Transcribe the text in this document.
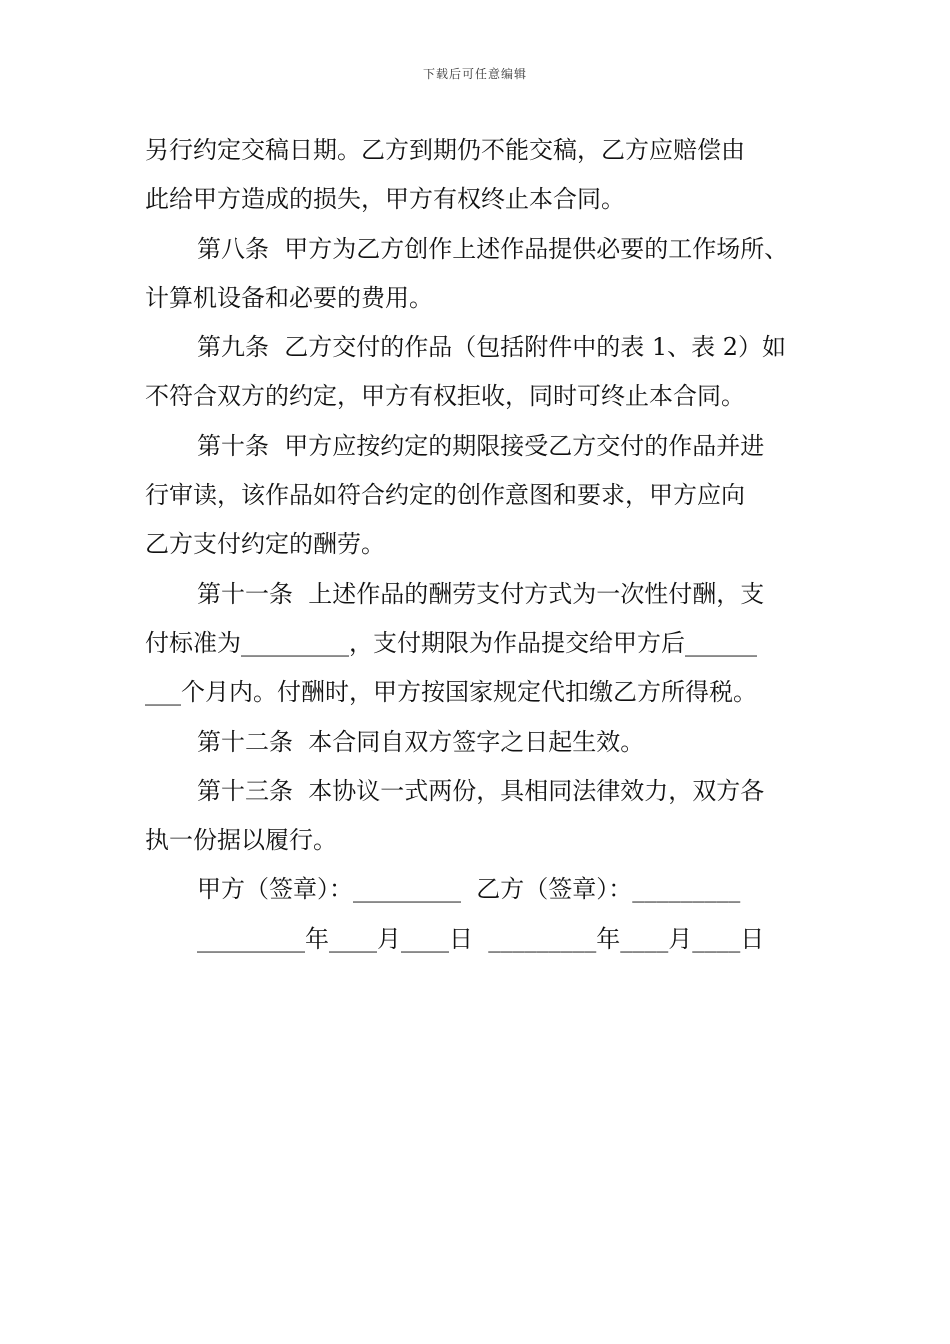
下载后可任意编辑
另行约定交稿日期。乙方到期仍不能交稿，乙方应赔偿由
此给甲方造成的损失，甲方有权终止本合同。
第八条  甲方为乙方创作上述作品提供必要的工作场所、
计算机设备和必要的费用。
第九条  乙方交付的作品（包括附件中的表 1、表 2）如
不符合双方的约定，甲方有权拒收，同时可终止本合同。
第十条  甲方应按约定的期限接受乙方交付的作品并进
行审读，该作品如符合约定的创作意图和要求，甲方应向
乙方支付约定的酬劳。
第十一条  上述作品的酬劳支付方式为一次性付酬，支
付标准为_________，支付期限为作品提交给甲方后______
___个月内。付酬时，甲方按国家规定代扣缴乙方所得税。
第十二条  本合同自双方签字之日起生效。
第十三条  本协议一式两份，具相同法律效力，双方各
执一份据以履行。
甲方（签章）：_________  乙方（签章）：_________
_________年____月____日  _________年____月____日
